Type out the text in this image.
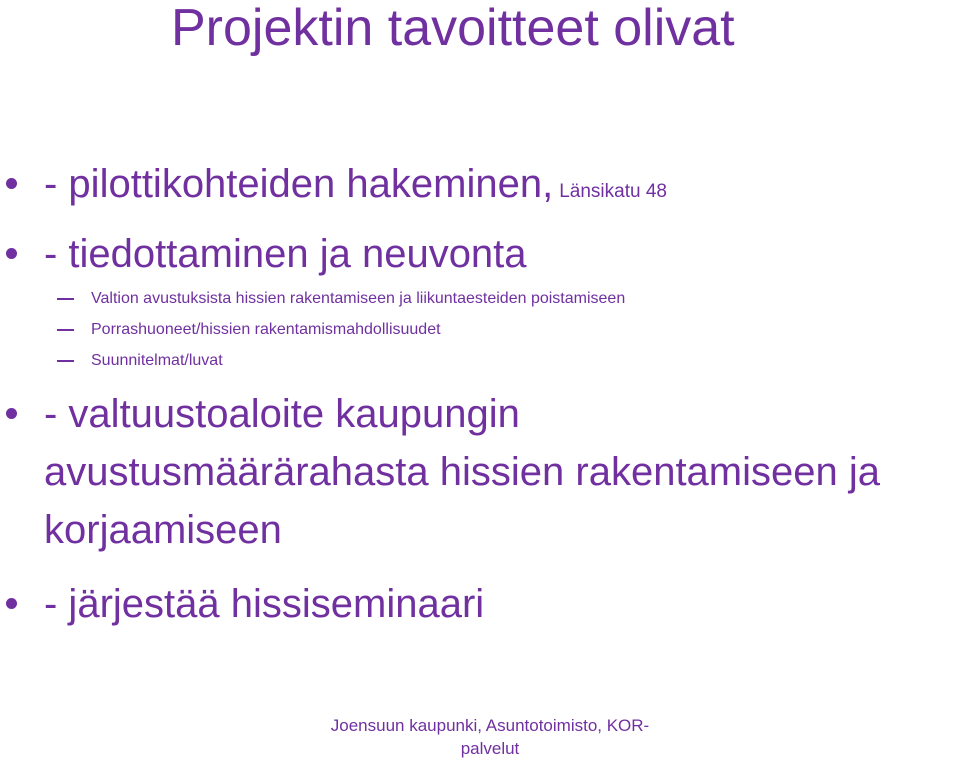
Projektin tavoitteet olivat
- pilottikohteiden hakeminen, Länsikatu 48
- tiedottaminen ja neuvonta
Valtion avustuksista hissien rakentamiseen ja liikuntaesteiden poistamiseen
Porrashuoneet/hissien rakentamismahdollisuudet
Suunnitelmat/luvat
- valtuustoaloite kaupungin
avustusmäärärahasta hissien rakentamiseen ja
korjaamiseen
- järjestää hissiseminaari
Joensuun kaupunki, Asuntotoimisto, KOR-
palvelut
